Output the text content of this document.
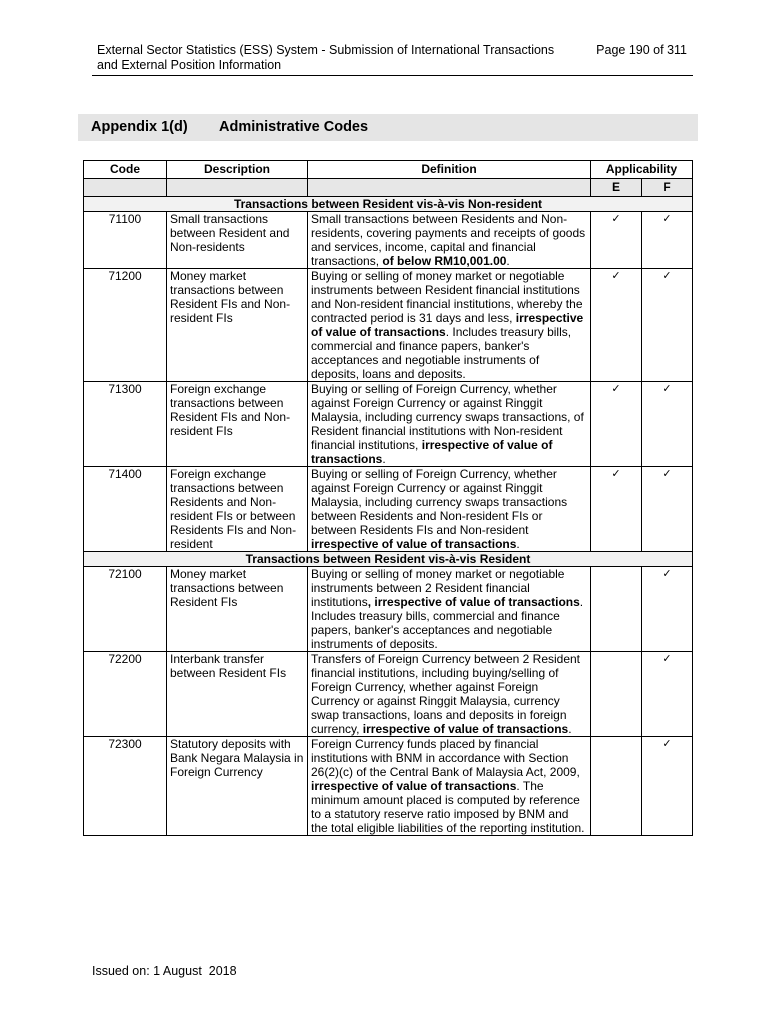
External Sector Statistics (ESS) System - Submission of International Transactions and External Position Information
Page 190 of 311
Appendix 1(d) Administrative Codes
Code	Description	Definition	Applicability	
			E	F
Transactions between Resident vis-à-vis Non-resident				
71100	Small transactions between Resident and Non-residents	Small transactions between Residents and Non-residents, covering payments and receipts of goods and services, income, capital and financial transactions, of below RM10,001.00.	✓	✓
71200	Money market transactions between Resident FIs and Non-resident FIs	Buying or selling of money market or negotiable instruments between Resident financial institutions and Non-resident financial institutions, whereby the contracted period is 31 days and less, irrespective of value of transactions. Includes treasury bills, commercial and finance papers, banker's acceptances and negotiable instruments of deposits, loans and deposits.	✓	✓
71300	Foreign exchange transactions between Resident FIs and Non-resident FIs	Buying or selling of Foreign Currency, whether against Foreign Currency or against Ringgit Malaysia, including currency swaps transactions, of Resident financial institutions with Non-resident financial institutions, irrespective of value of transactions.	✓	✓
71400	Foreign exchange transactions between Residents and Non-resident FIs or between Residents FIs and Non-resident	Buying or selling of Foreign Currency, whether against Foreign Currency or against Ringgit Malaysia, including currency swaps transactions between Residents and Non-resident FIs or between Residents FIs and Non-resident irrespective of value of transactions.	✓	✓
Transactions between Resident vis-à-vis Resident				
72100	Money market transactions between Resident FIs	Buying or selling of money market or negotiable instruments between 2 Resident financial institutions, irrespective of value of transactions. Includes treasury bills, commercial and finance papers, banker's acceptances and negotiable instruments of deposits.		✓
72200	Interbank transfer between Resident FIs	Transfers of Foreign Currency between 2 Resident financial institutions, including buying/selling of Foreign Currency, whether against Foreign Currency or against Ringgit Malaysia, currency swap transactions, loans and deposits in foreign currency, irrespective of value of transactions.		✓
72300	Statutory deposits with Bank Negara Malaysia in Foreign Currency	Foreign Currency funds placed by financial institutions with BNM in accordance with Section 26(2)(c) of the Central Bank of Malaysia Act, 2009, irrespective of value of transactions. The minimum amount placed is computed by reference to a statutory reserve ratio imposed by BNM and the total eligible liabilities of the reporting institution.		✓
Issued on: 1 August  2018
